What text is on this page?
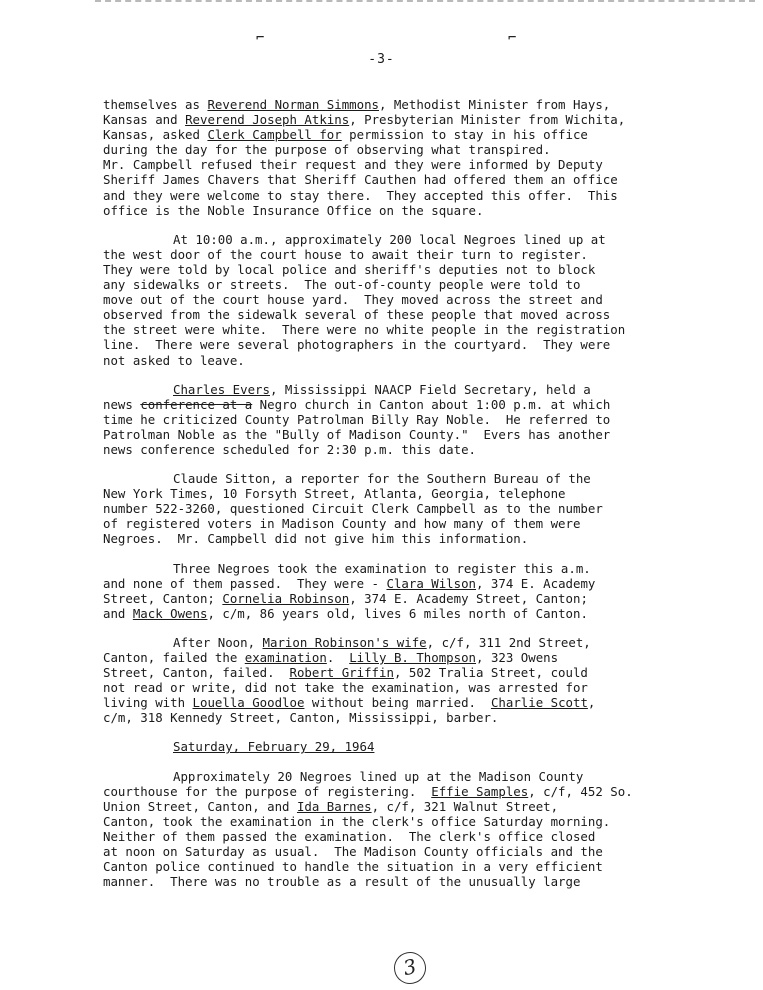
⌐	⌐
-3-

themselves as Reverend Norman Simmons, Methodist Minister from Hays,
Kansas and Reverend Joseph Atkins, Presbyterian Minister from Wichita,
Kansas, asked Clerk Campbell for permission to stay in his office
during the day for the purpose of observing what transpired.
Mr. Campbell refused their request and they were informed by Deputy
Sheriff James Chavers that Sheriff Cauthen had offered them an office
and they were welcome to stay there.  They accepted this offer.  This
office is the Noble Insurance Office on the square.

At 10:00 a.m., approximately 200 local Negroes lined up at
the west door of the court house to await their turn to register.
They were told by local police and sheriff's deputies not to block
any sidewalks or streets.  The out-of-county people were told to
move out of the court house yard.  They moved across the street and
observed from the sidewalk several of these people that moved across
the street were white.  There were no white people in the registration
line.  There were several photographers in the courtyard.  They were
not asked to leave.

Charles Evers, Mississippi NAACP Field Secretary, held a
news conference at a Negro church in Canton about 1:00 p.m. at which
time he criticized County Patrolman Billy Ray Noble.  He referred to
Patrolman Noble as the "Bully of Madison County."  Evers has another
news conference scheduled for 2:30 p.m. this date.

Claude Sitton, a reporter for the Southern Bureau of the
New York Times, 10 Forsyth Street, Atlanta, Georgia, telephone
number 522-3260, questioned Circuit Clerk Campbell as to the number
of registered voters in Madison County and how many of them were
Negroes.  Mr. Campbell did not give him this information.

Three Negroes took the examination to register this a.m.
and none of them passed.  They were - Clara Wilson, 374 E. Academy
Street, Canton; Cornelia Robinson, 374 E. Academy Street, Canton;
and Mack Owens, c/m, 86 years old, lives 6 miles north of Canton.

After Noon, Marion Robinson's wife, c/f, 311 2nd Street,
Canton, failed the examination.  Lilly B. Thompson, 323 Owens
Street, Canton, failed.  Robert Griffin, 502 Tralia Street, could
not read or write, did not take the examination, was arrested for
living with Louella Goodloe without being married.  Charlie Scott,
c/m, 318 Kennedy Street, Canton, Mississippi, barber.

Saturday, February 29, 1964

Approximately 20 Negroes lined up at the Madison County
courthouse for the purpose of registering.  Effie Samples, c/f, 452 So.
Union Street, Canton, and Ida Barnes, c/f, 321 Walnut Street,
Canton, took the examination in the clerk's office Saturday morning.
Neither of them passed the examination.  The clerk's office closed
at noon on Saturday as usual.  The Madison County officials and the
Canton police continued to handle the situation in a very efficient
manner.  There was no trouble as a result of the unusually large

3
